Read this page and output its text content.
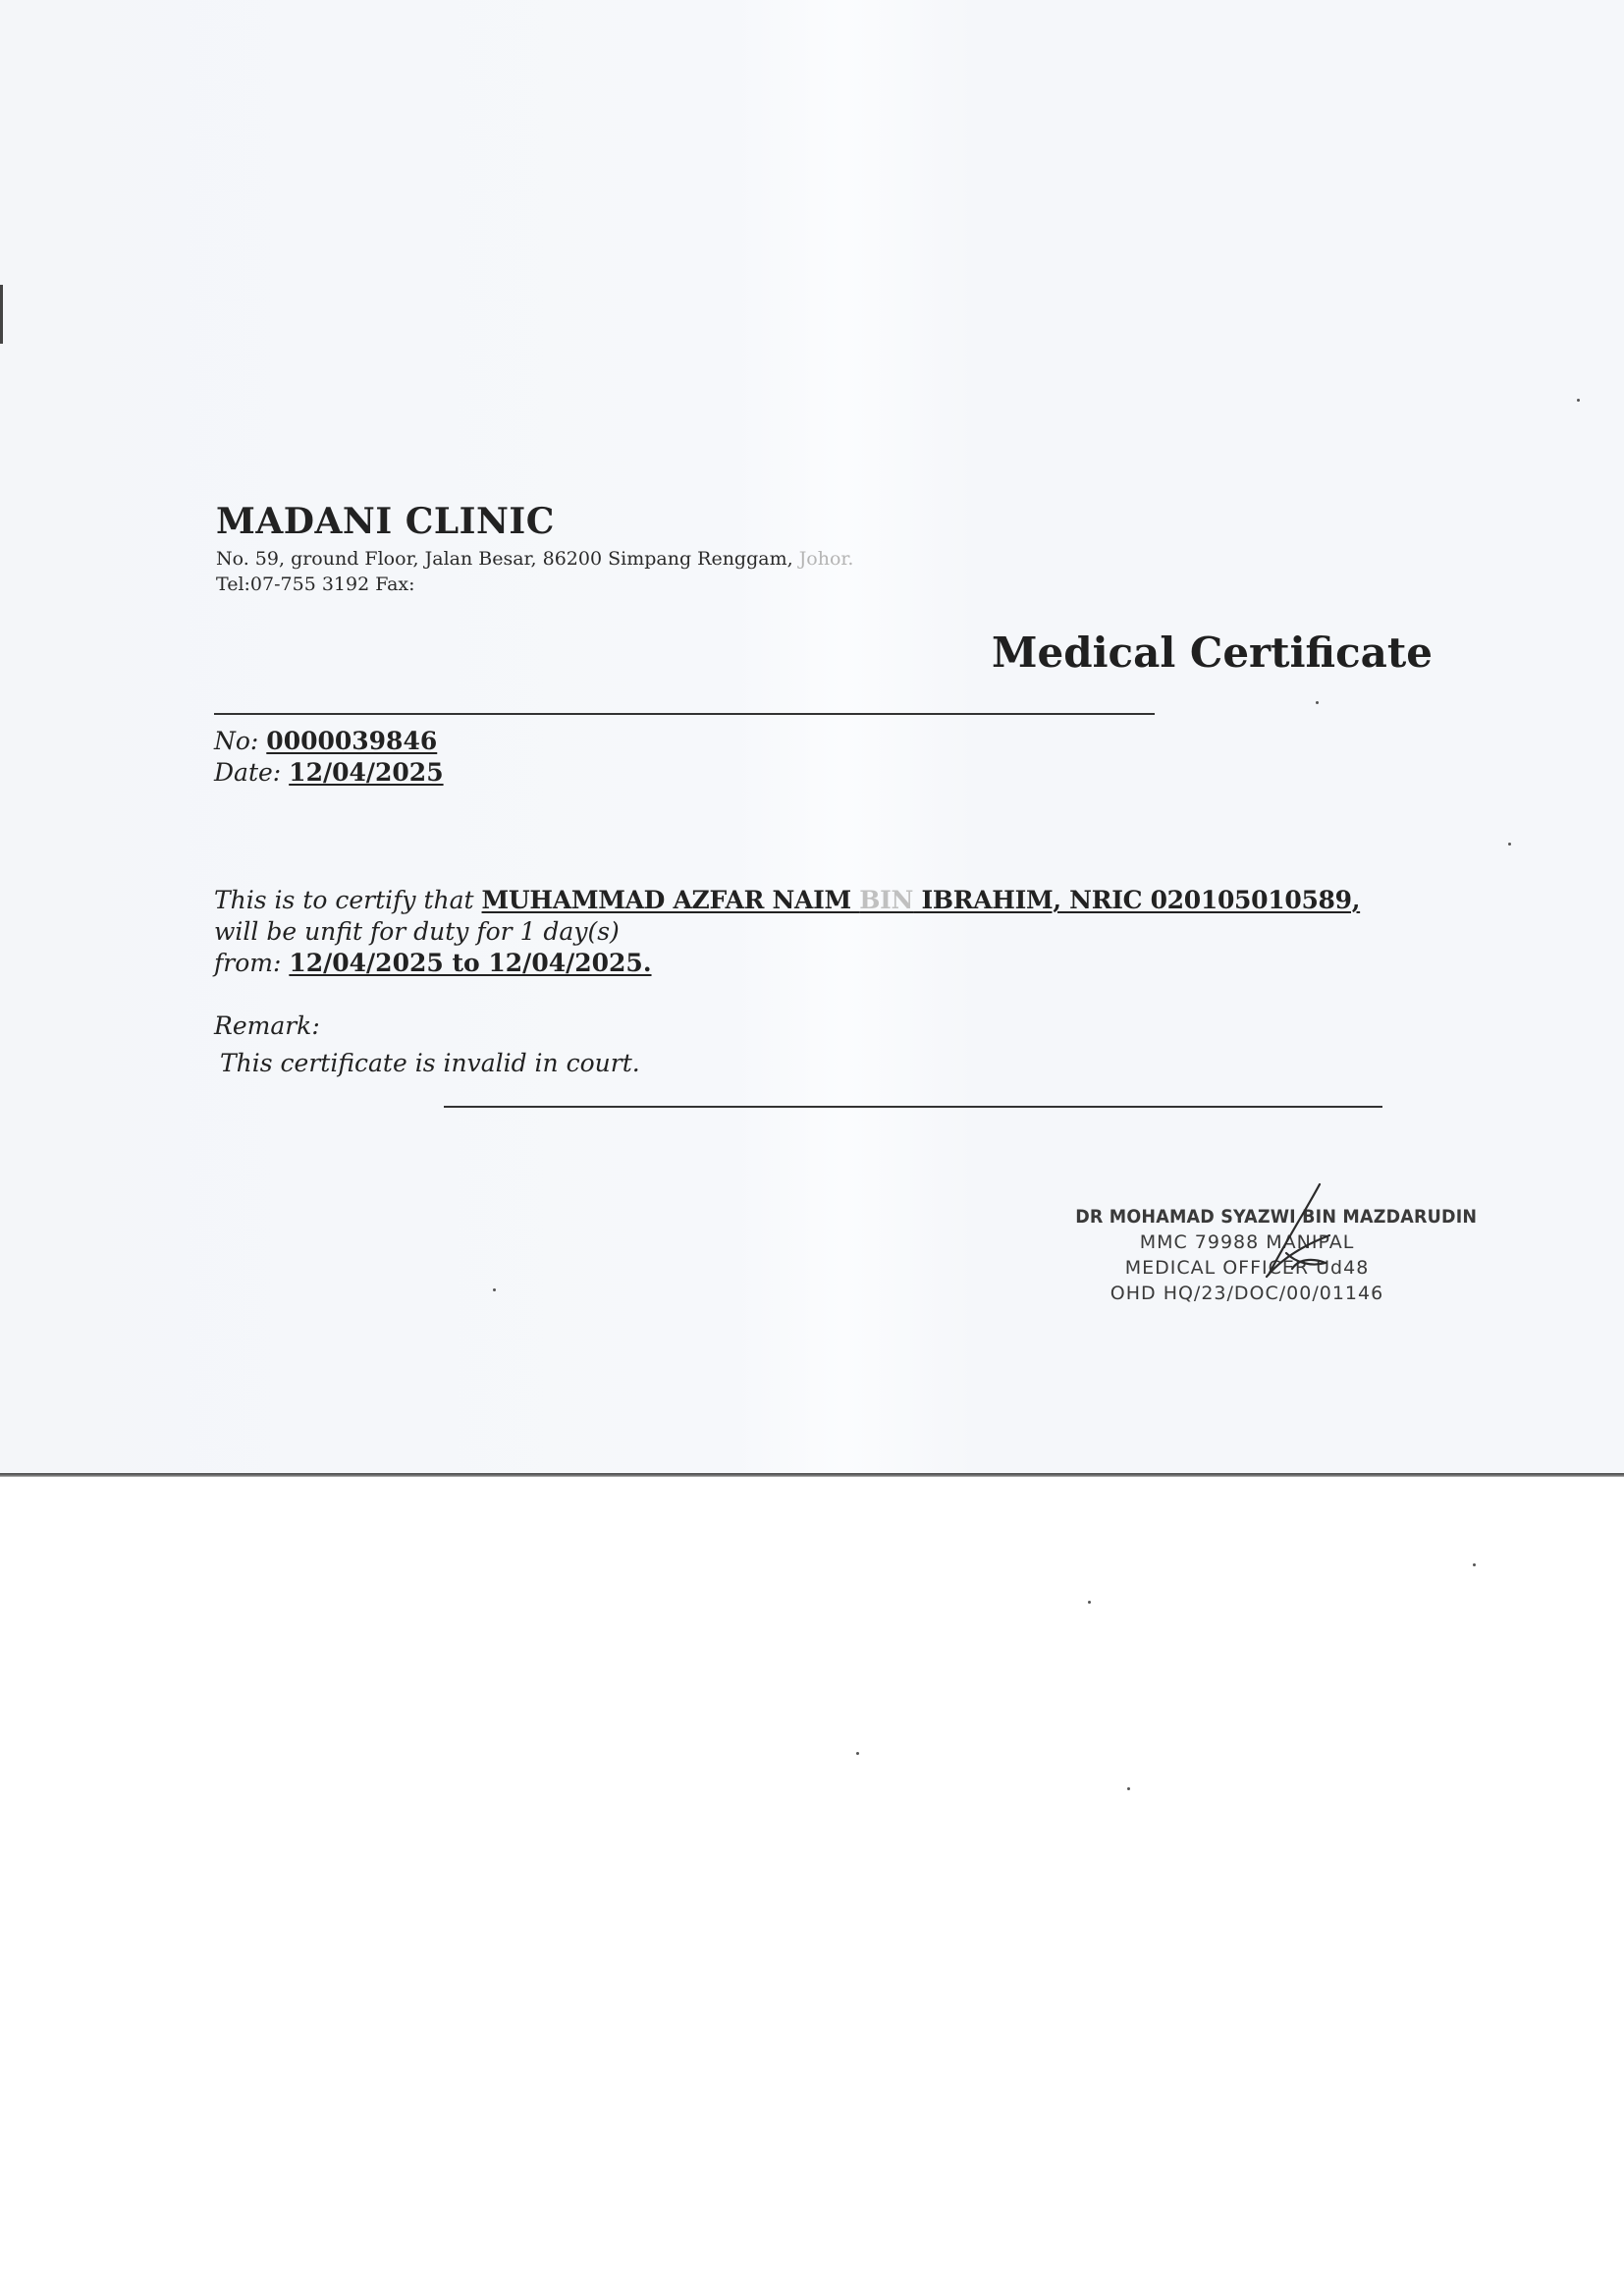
MADANI CLINIC
No. 59, ground Floor, Jalan Besar, 86200 Simpang Renggam, Johor.
Tel:07-755 3192 Fax:
Medical Certificate
No: 0000039846
Date: 12/04/2025
This is to certify that MUHAMMAD AZFAR NAIM BIN IBRAHIM, NRIC 020105010589,
will be unfit for duty for 1 day(s)
from: 12/04/2025 to 12/04/2025.
Remark:
This certificate is invalid in court.
DR MOHAMAD SYAZWI BIN MAZDARUDIN
MMC 79988 MANIPAL
MEDICAL OFFICER Ud48
OHD HQ/23/DOC/00/01146
